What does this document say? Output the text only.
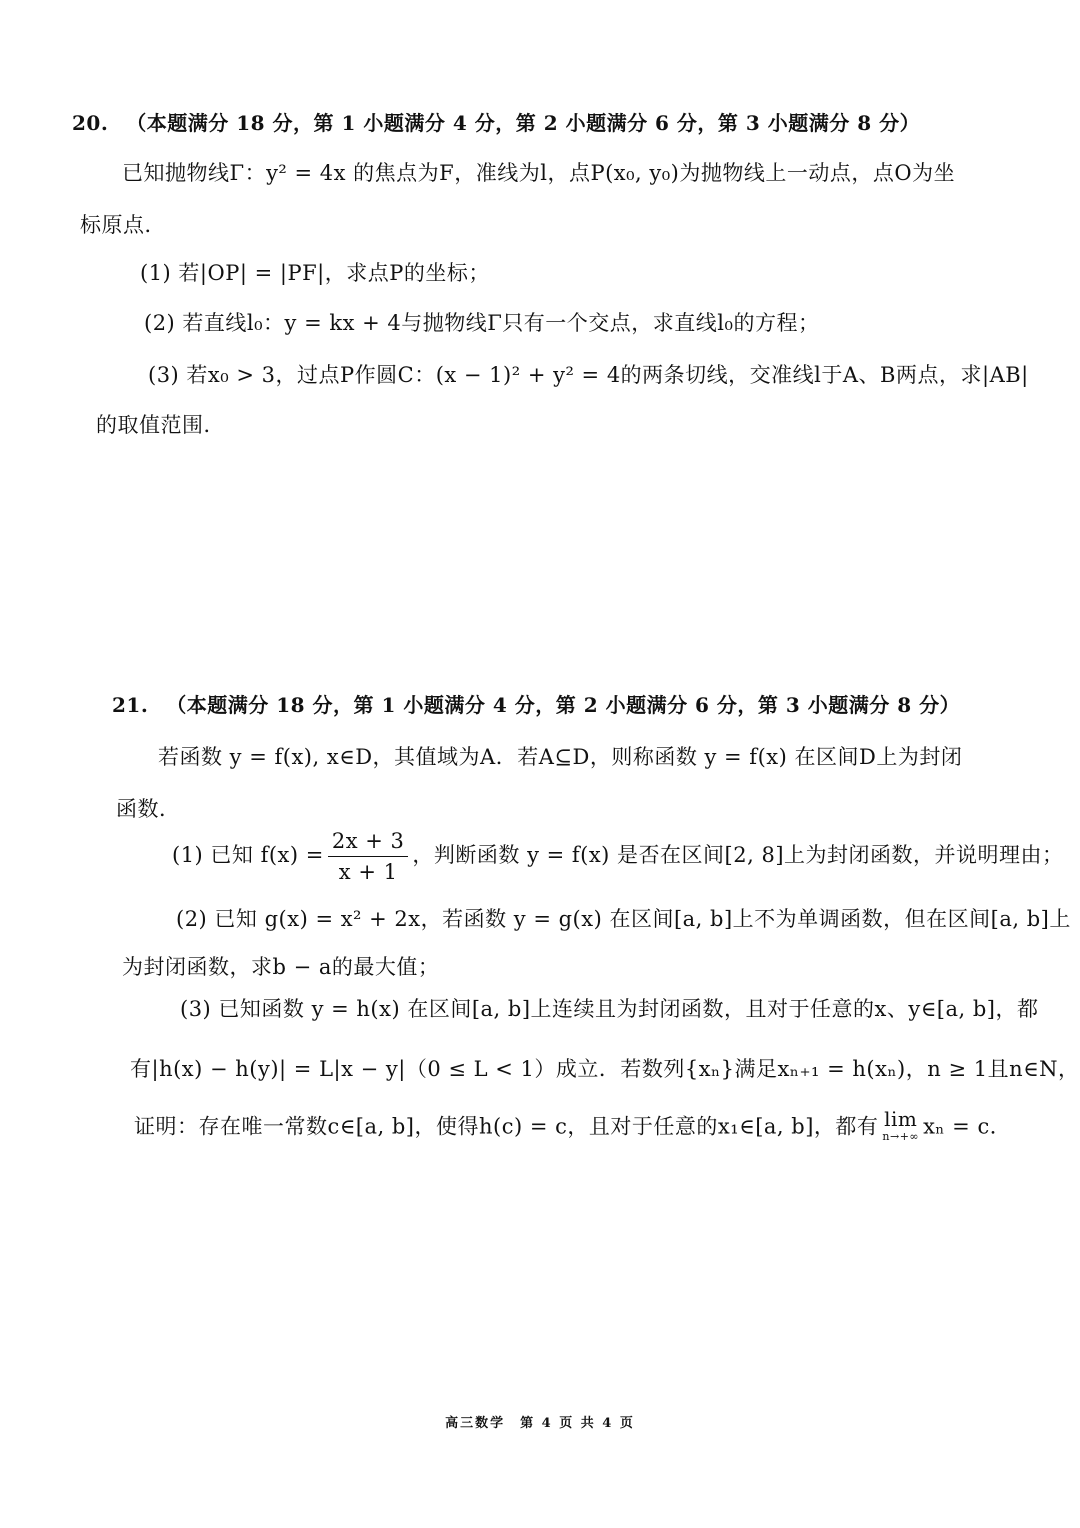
20. （本题满分 18 分，第 1 小题满分 4 分，第 2 小题满分 6 分，第 3 小题满分 8 分）
已知抛物线Γ：y² = 4x 的焦点为F，准线为l，点P(x₀, y₀)为抛物线上一动点，点O为坐
标原点．
(1) 若|OP| = |PF|，求点P的坐标；
(2) 若直线l₀：y = kx + 4与抛物线Γ只有一个交点，求直线l₀的方程；
(3) 若x₀ > 3，过点P作圆C：(x − 1)² + y² = 4的两条切线，交准线l于A、B两点，求|AB|
的取值范围．
21. （本题满分 18 分，第 1 小题满分 4 分，第 2 小题满分 6 分，第 3 小题满分 8 分）
若函数 y = f(x), x∈D，其值域为A．若A⊆D，则称函数 y = f(x) 在区间D上为封闭
函数．
(1) 已知 $f(x) = \frac{2x + 3}{x + 1}$ ，判断函数 y = f(x) 是否在区间[2, 8]上为封闭函数，并说明理由；
(2) 已知 g(x) = x² + 2x，若函数 y = g(x) 在区间[a, b]上不为单调函数，但在区间[a, b]上
为封闭函数，求b − a的最大值；
(3) 已知函数 y = h(x) 在区间[a, b]上连续且为封闭函数，且对于任意的x、y∈[a, b]，都
有|h(x) − h(y)| = L|x − y|（0 ≤ L < 1）成立．若数列{xₙ}满足xₙ₊₁ = h(xₙ)，n ≥ 1且n∈N，
证明：存在唯一常数c∈[a, b]，使得h(c) = c，且对于任意的x₁∈[a, b]，都有 lim
n→+∞ xₙ = c．
高三数学　第 4 页 共 4 页
